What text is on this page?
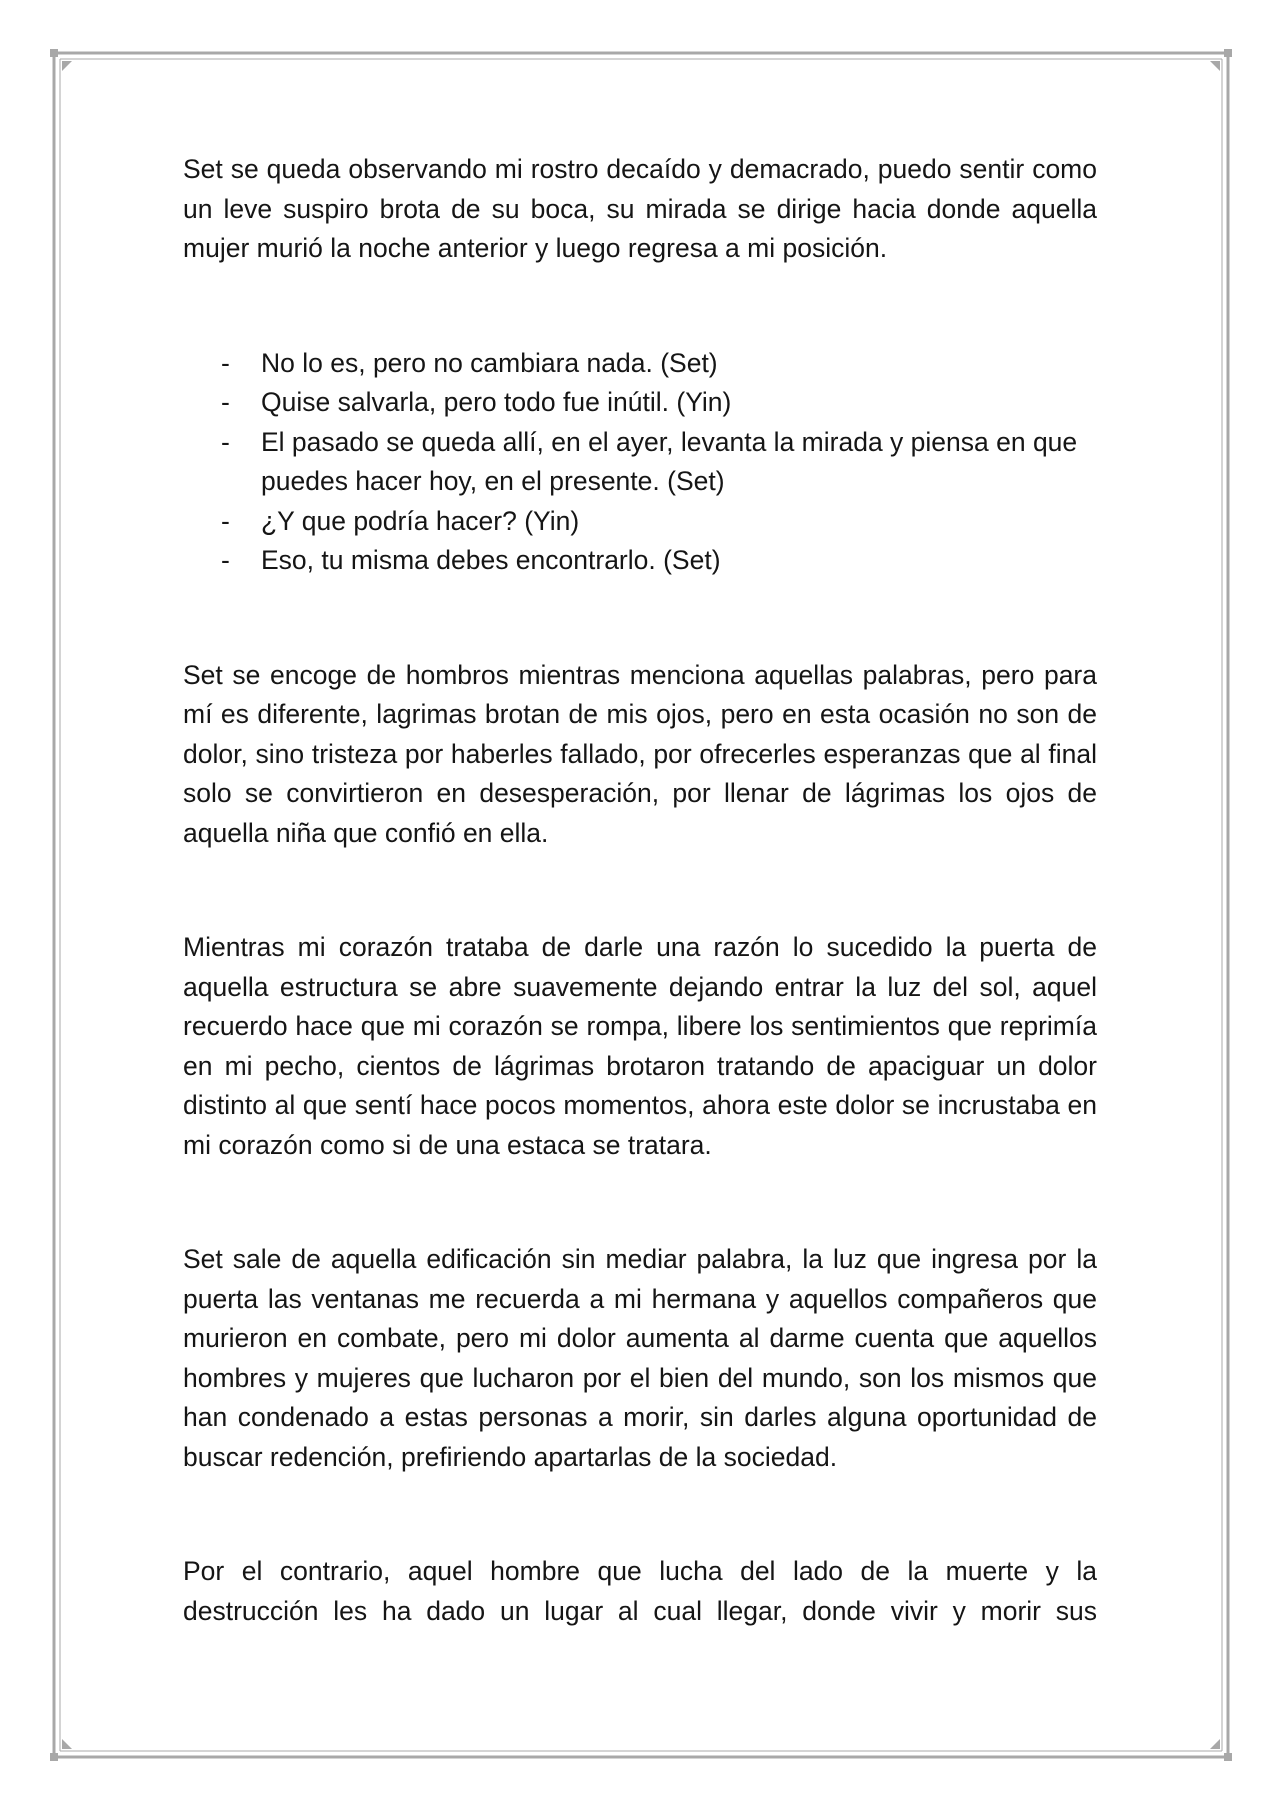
Set se queda observando mi rostro decaído y demacrado, puedo sentir como un leve suspiro brota de su boca, su mirada se dirige hacia donde aquella mujer murió la noche anterior y luego regresa a mi posición.

- No lo es, pero no cambiara nada. (Set)
- Quise salvarla, pero todo fue inútil. (Yin)
- El pasado se queda allí, en el ayer, levanta la mirada y piensa en que puedes hacer hoy, en el presente. (Set)
- ¿Y que podría hacer? (Yin)
- Eso, tu misma debes encontrarlo. (Set)

Set se encoge de hombros mientras menciona aquellas palabras, pero para mí es diferente, lagrimas brotan de mis ojos, pero en esta ocasión no son de dolor, sino tristeza por haberles fallado, por ofrecerles esperanzas que al final solo se convirtieron en desesperación, por llenar de lágrimas los ojos de aquella niña que confió en ella.

Mientras mi corazón trataba de darle una razón lo sucedido la puerta de aquella estructura se abre suavemente dejando entrar la luz del sol, aquel recuerdo hace que mi corazón se rompa, libere los sentimientos que reprimía en mi pecho, cientos de lágrimas brotaron tratando de apaciguar un dolor distinto al que sentí hace pocos momentos, ahora este dolor se incrustaba en mi corazón como si de una estaca se tratara.

Set sale de aquella edificación sin mediar palabra, la luz que ingresa por la puerta las ventanas me recuerda a mi hermana y aquellos compañeros que murieron en combate, pero mi dolor aumenta al darme cuenta que aquellos hombres y mujeres que lucharon por el bien del mundo, son los mismos que han condenado a estas personas a morir, sin darles alguna oportunidad de buscar redención, prefiriendo apartarlas de la sociedad.

Por el contrario, aquel hombre que lucha del lado de la muerte y la destrucción les ha dado un lugar al cual llegar, donde vivir y morir sus
